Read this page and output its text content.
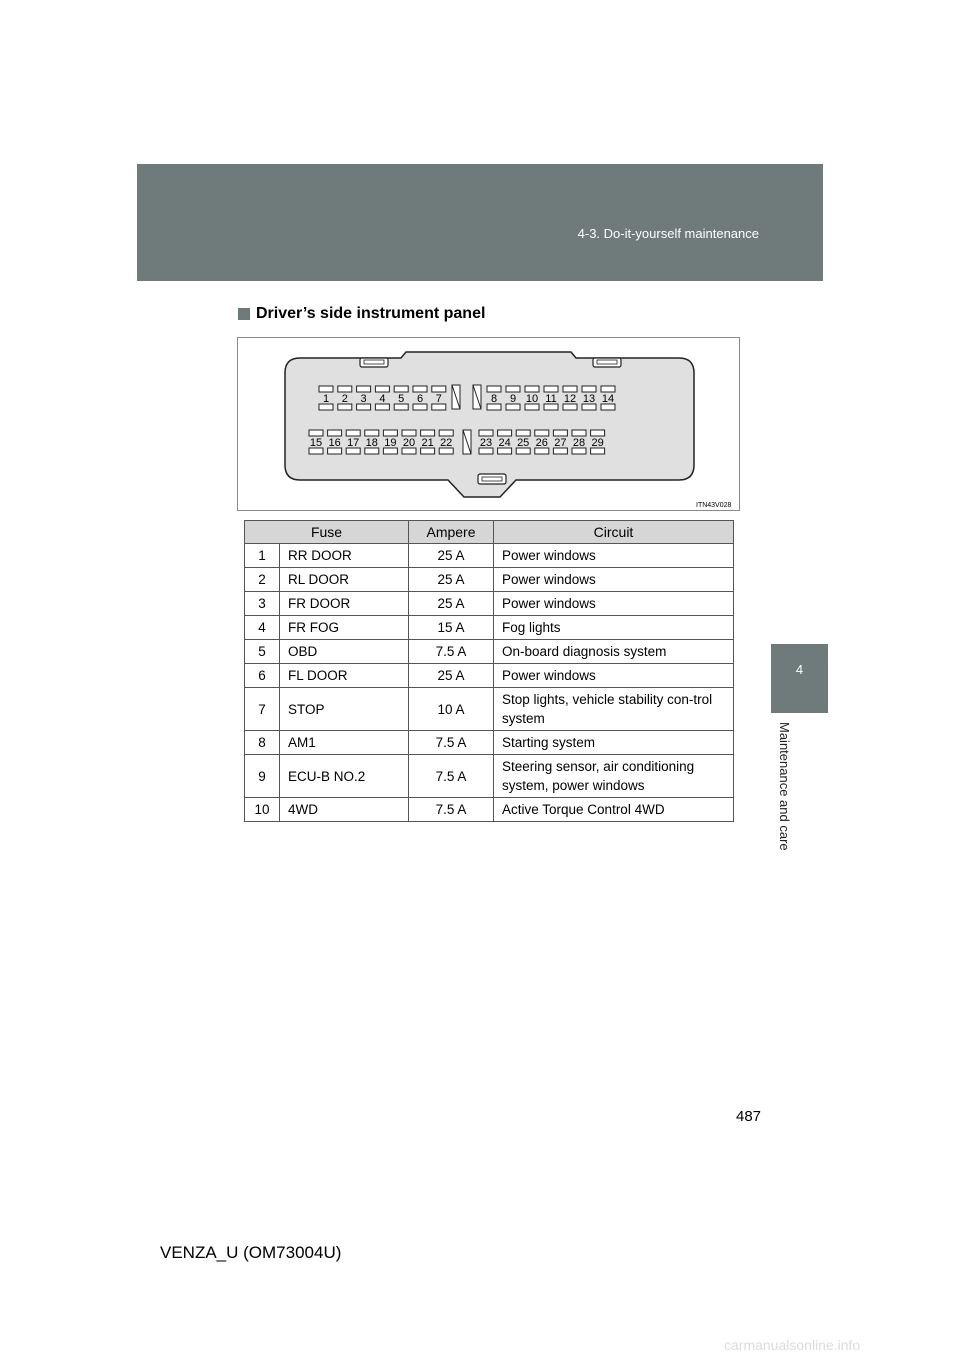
4-3. Do-it-yourself maintenance
4
Maintenance and care
Driver’s side instrument panel
1 2 3 4 5 6 7	8 9 10 11 12 13 14
15 16 17 18 19 20 21 22	23 24 25 26 27 28 29
ITN43V028
Fuse		Ampere	Circuit
1	RR DOOR	25 A	Power windows
2	RL DOOR	25 A	Power windows
3	FR DOOR	25 A	Power windows
4	FR FOG	15 A	Fog lights
5	OBD	7.5 A	On-board diagnosis system
6	FL DOOR	25 A	Power windows
7	STOP	10 A	Stop lights, vehicle stability con-trol system
8	AM1	7.5 A	Starting system
9	ECU-B NO.2	7.5 A	Steering sensor, air conditioning system, power windows
10	4WD	7.5 A	Active Torque Control 4WD
487
VENZA_U (OM73004U)
carmanualsonline.info
